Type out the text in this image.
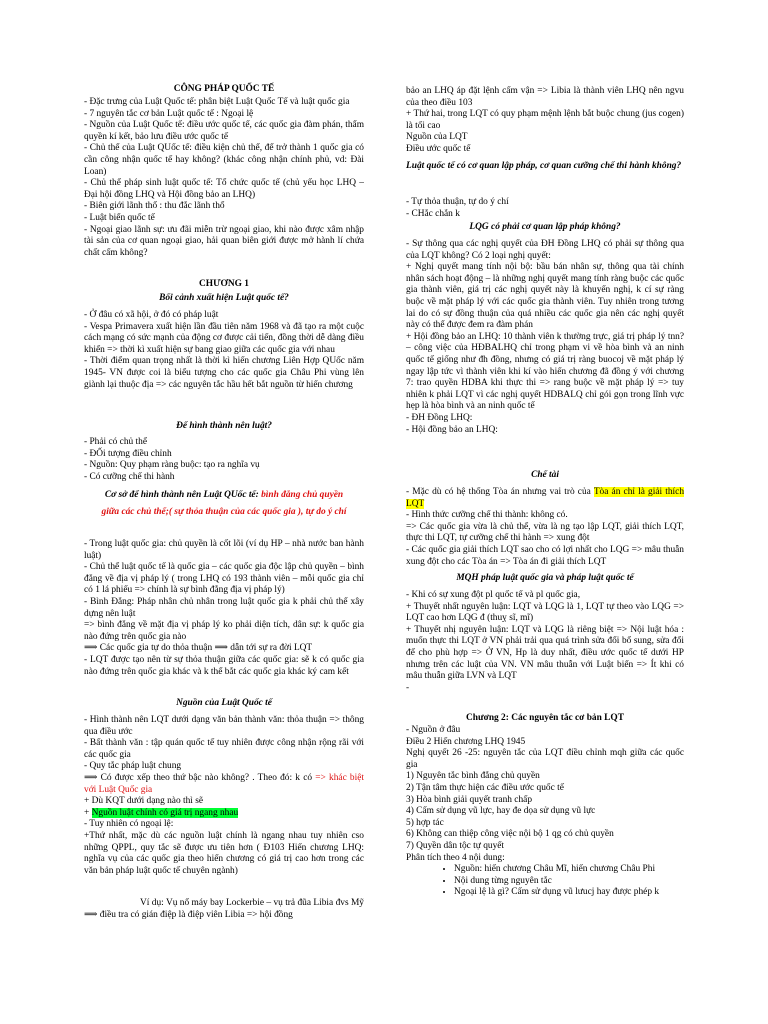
CÔNG PHÁP QUỐC TẾ
- Đặc trưng của Luật Quốc tế: phân biệt Luật Quốc Tế và luật quốc gia
- 7 nguyên tắc cơ bản Luật quốc tế : Ngoại lệ
- Nguồn của Luật Quốc tế: điều ước quốc tế, các quốc gia đàm phán, thẩm quyền kí kết, bảo lưu điều ước quốc tế
- Chủ thể của Luật QUốc tế: điều kiện chủ thể, để trở thành 1 quốc gia có cần công nhận quốc tế hay không? (khác công nhận chính phủ, vd: Đài Loan)
- Chủ thể pháp sinh luật quốc tế: Tổ chức quốc tế (chủ yếu học LHQ – Đại hội đồng LHQ và Hội đồng bảo an LHQ)
- Biên giới lãnh thổ : thu đắc lãnh thổ
- Luật biển quốc tế
- Ngoại giao lãnh sự: ưu đãi miễn trừ ngoại giao, khi nào được xâm nhập tài sản của cơ quan ngoại giao, hải quan biên giới được mở hành lí chứa chất cấm không?
CHƯƠNG 1
Bối cảnh xuất hiện Luật quốc tế?
- Ở đâu có xã hội, ở đó có pháp luật
- Vespa Primavera xuất hiện lần đầu tiên năm 1968 và đã tạo ra một cuộc cách mạng có sức mạnh của động cơ được cải tiến, đồng thời dễ dàng điều khiển => thời kì xuất hiện sự bang giao giữa các quốc gia với nhau
- Thời điểm quan trọng nhất là thời kì hiến chương Liên Hợp QUốc năm 1945- VN được coi là biểu tượng cho các quốc gia Châu Phi vùng lên giành lại thuộc địa => các nguyên tắc hầu hết bắt nguồn từ hiến chương
Để hình thành nên luật?
- Phải có chủ thể
- ĐỐi tượng điều chỉnh
- Nguồn: Quy phạm ràng buộc: tạo ra nghĩa vụ
- Có cưỡng chế thi hành
Cơ sở để hình thành nên Luật QUốc tế: bình đẳng chủ quyền giữa các chủ thể;( sự thỏa thuận của các quốc gia ), tự do ý chí
- Trong luật quốc gia: chủ quyền là cốt lõi (ví dụ HP – nhà nước ban hành luật)
- Chủ thể luật quốc tế là quốc gia – các quốc gia độc lập chủ quyền – bình đẳng về địa vị pháp lý ( trong LHQ có 193 thành viên – mỗi quốc gia chỉ có 1 lá phiếu => chính là sự bình đẳng địa vị pháp lý)
- Bình Đẳng: Pháp nhân chủ nhân trong luật quốc gia k phải chủ thể xây dựng nên luật
=> bình đẳng về mặt địa vị pháp lý ko phải diện tích, dân sự: k quốc gia nào đứng trên quốc gia nào
⟹ Các quốc gia tự do thỏa thuận ⟹ dẫn tới sự ra đời LQT
- LQT được tạo nên từ sự thỏa thuận giữa các quốc gia: sẽ k có quốc gia nào đứng trên quốc gia khác và k thể bắt các quốc gia khác ký cam kết
Nguồn của Luật Quốc tế
- Hình thành nên LQT dưới dạng văn bản thành văn: thỏa thuận => thông qua điều ước
- Bất thành văn : tập quán quốc tế tuy nhiên được công nhận rộng rãi với các quốc gia
- Quy tắc pháp luật chung
⟹ Có được xếp theo thứ bậc nào không? . Theo đó: k có => khác biệt với Luật Quốc gia
+ Dù KQT dưới dạng nào thì sẽ
+ Nguồn luật chính có giá trị ngang nhau
- Tuy nhiên có ngoại lệ:
+Thứ nhất, mặc dù các nguồn luật chính là ngang nhau tuy nhiên cso những QPPL, quy tắc sẽ được ưu tiên hơn ( Đ103 Hiến chương LHQ: nghĩa vụ của các quốc gia theo hiến chương có giá trị cao hơn trong các văn bản pháp luật quốc tế chuyên ngành)
Ví dụ: Vụ nổ máy bay Lockerbie – vụ trả đũa Libia đvs Mỹ ⟹ điều tra có gián điệp là điệp viên Libia => hội đồng
bảo an LHQ áp đặt lệnh cấm vận => Libia là thành viên LHQ nên ngvu của theo điều 103
+ Thứ hai, trong LQT có quy phạm mệnh lệnh bắt buộc chung (jus cogen) là tối cao
Nguồn của LQT
Điều ước quốc tế
Luật quốc tế có cơ quan lập pháp, cơ quan cưỡng chế thi hành không?
- Tự thỏa thuận, tự do ý chí
- CHắc chắn k
LQG có phải cơ quan lập pháp không?
- Sự thông qua các nghị quyết của ĐH Đồng LHQ có phải sự thông qua của LQT không? Có 2 loại nghị quyết:
+ Nghị quyết mang tính nội bộ: bầu bán nhân sự, thông qua tài chính nhân sách hoạt động – là những nghị quyết mang tính ràng buộc các quốc gia thành viên, giá trị các nghị quyết này là khuyến nghị, k cí sự ràng buộc về mặt pháp lý với các quốc gia thành viên. Tuy nhiên trong tương lai do có sự đồng thuận của quá nhiều các quốc gia nên các nghị quyết này có thể được đem ra đàm phán
+ Hội đồng bảo an LHQ: 10 thành viên k thường trực, giá trị pháp lý tnn? – công việc của HĐBALHQ chỉ trong phạm vi về hòa bình và an ninh quốc tế giống như đh đồng, nhưng có giá trị ràng buocoj về mặt pháp lý ngay lập tức vì thành viên khi kí vào hiến chương đã đồng ý với chương 7: trao quyền HDBA khi thực thi => rang buộc về mặt pháp lý => tuy nhiên k phải LQT vì các nghị quyết HDBALQ chỉ gói gọn trong lĩnh vực hẹp là hòa bình và an ninh quốc tế
- ĐH Đồng LHQ:
- Hội đồng bảo an LHQ:
Chế tài
- Mặc dù có hệ thống Tòa án nhưng vai trò của Tòa án chỉ là giải thích LQT
- Hình thức cưỡng chế thi thành: không có.
=> Các quốc gia vừa là chủ thể, vừa là ng tạo lập LQT, giải thích LQT, thực thi LQT, tự cưỡng chế thi hành => xung đột
- Các quốc gia giải thích LQT sao cho có lợi nhất cho LQG => mâu thuẫn xung đột cho các Tòa án => Tòa án đi giải thích LQT
MQH pháp luật quốc gia và pháp luật quốc tế
- Khi có sự xung đột pl quốc tế và pl quốc gia,
+ Thuyết nhất nguyên luận: LQT và LQG là 1, LQT tự theo vào LQG => LQT cao hơn LQG đ (thuỵ sĩ, mĩ)
+ Thuyết nhị nguyên luận: LQT và LQG là riêng biệt => Nội luật hóa : muốn thực thi LQT ở VN phải trải qua quá trình sửa đổi bổ sung, sửa đổi để cho phù hợp => Ở VN, Hp là duy nhất, điều ước quốc tế dưới HP nhưng trên các luật của VN. VN mâu thuẫn với Luật biển => Ít khi có mâu thuẫn giữa LVN và LQT
-
Chương 2: Các nguyên tắc cơ bản LQT
- Nguồn ở đâu
Điều 2 Hiến chương LHQ 1945
Nghị quyết 26 -25: nguyên tắc của LQT điều chỉnh mqh giữa các quốc gia
1) Nguyên tắc bình đẳng chủ quyền
2) Tận tâm thực hiện các điều ước quốc tế
3) Hòa bình giải quyết tranh chấp
4) Cấm sử dụng vũ lực, hay đe dọa sử dụng vũ lực
5) hợp tác
6) Không can thiệp công việc nội bộ 1 qg có chủ quyền
7) Quyền dân tộc tự quyết
Phân tích theo 4 nội dung:
• Nguồn: hiến chương Châu Mĩ, hiến chương Châu Phi
• Nội dung từng nguyên tắc
• Ngoại lệ là gì? Cấm sử dụng vũ lưucj hay được phép k
